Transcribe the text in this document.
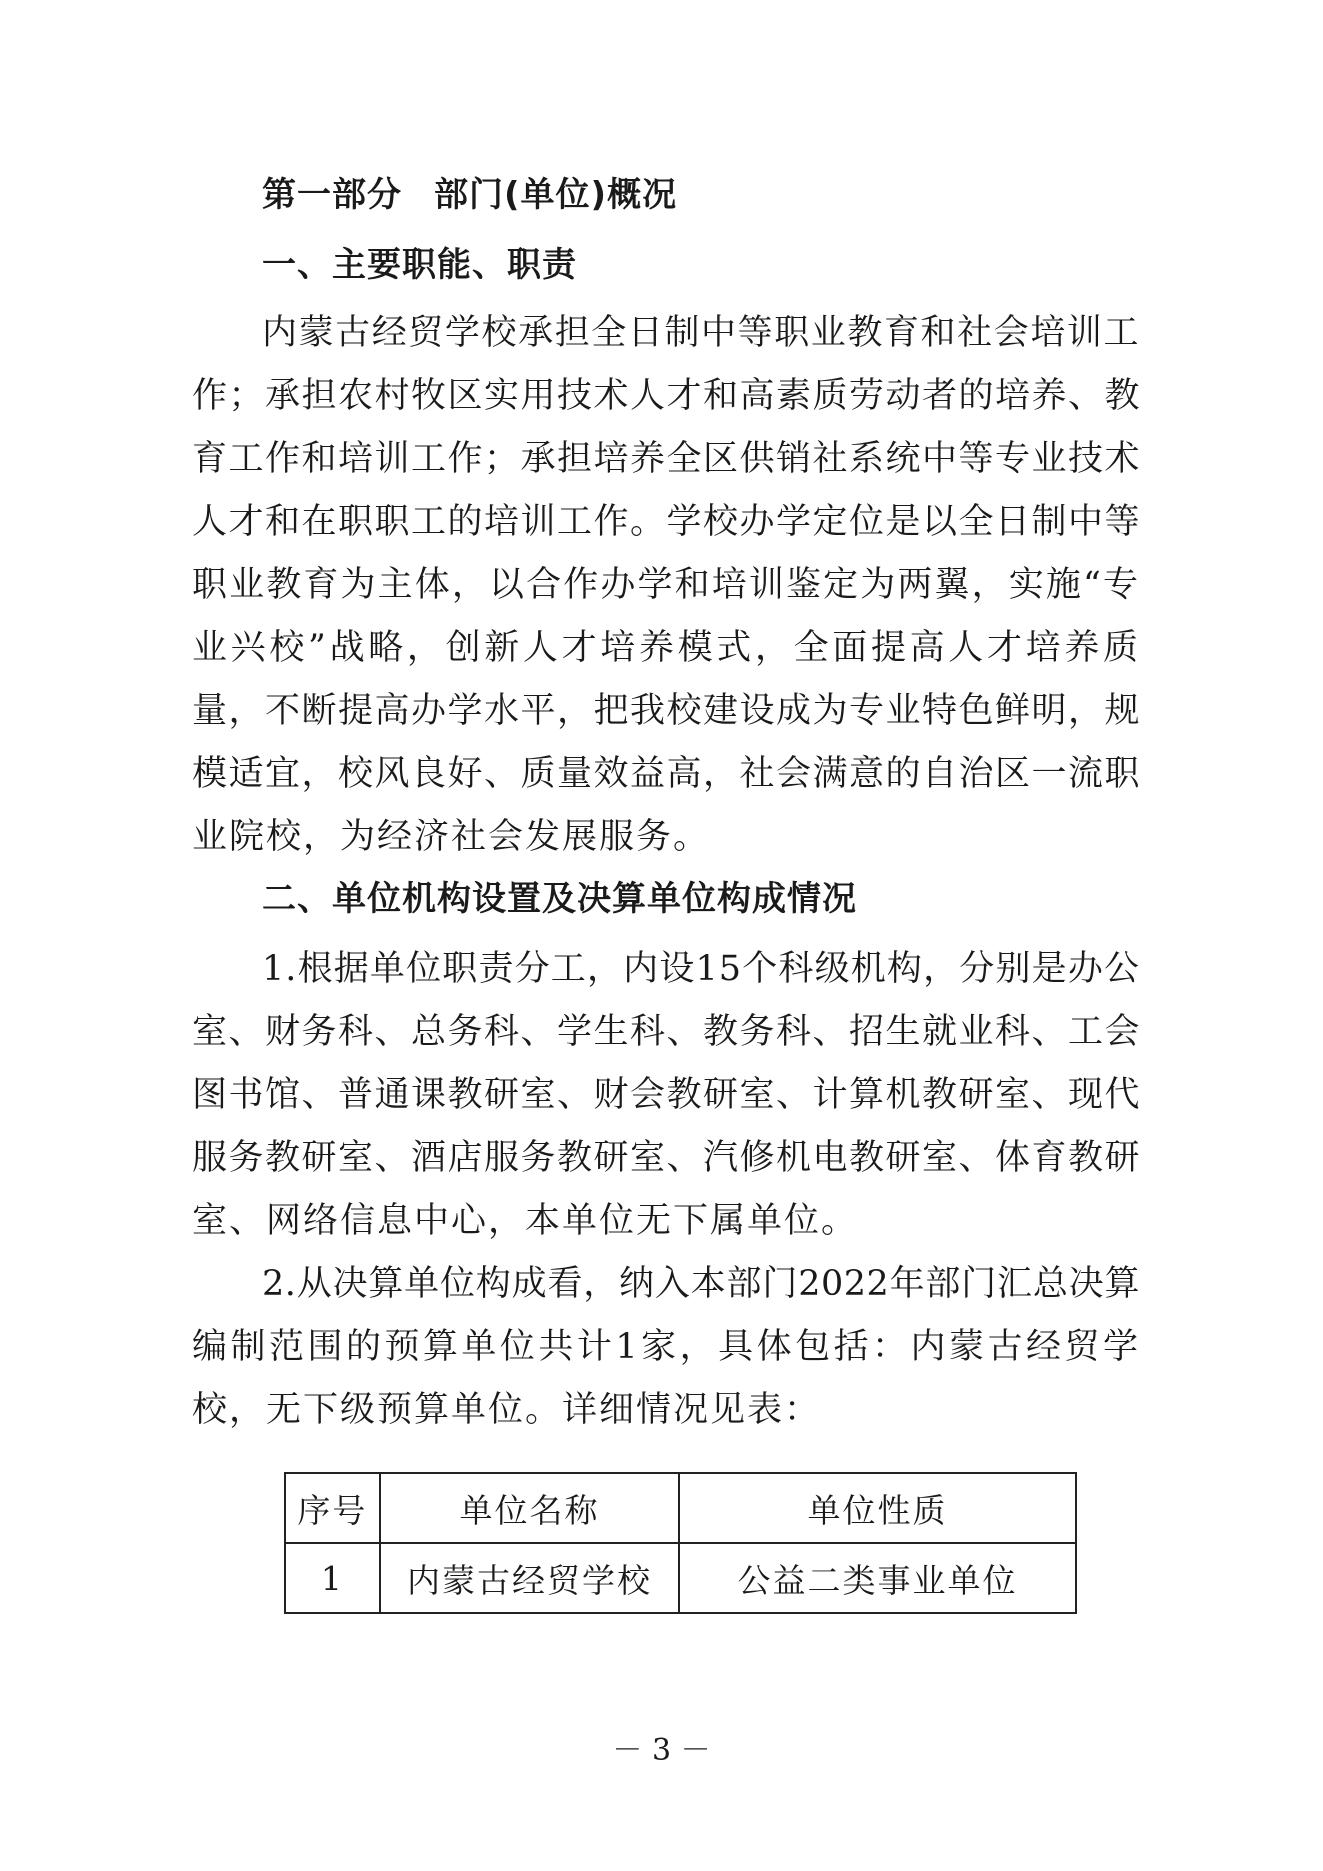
第一部分 部门(单位)概况

一、主要职能、职责

内蒙古经贸学校承担全日制中等职业教育和社会培训工

作；承担农村牧区实用技术人才和高素质劳动者的培养、教

育工作和培训工作；承担培养全区供销社系统中等专业技术

人才和在职职工的培训工作。学校办学定位是以全日制中等

职业教育为主体，以合作办学和培训鉴定为两翼，实施“专

业兴校”战略，创新人才培养模式，全面提高人才培养质

量，不断提高办学水平，把我校建设成为专业特色鲜明，规

模适宜，校风良好、质量效益高，社会满意的自治区一流职

业院校，为经济社会发展服务。

二、单位机构设置及决算单位构成情况

1.根据单位职责分工，内设15个科级机构，分别是办公

室、财务科、总务科、学生科、教务科、招生就业科、工会

图书馆、普通课教研室、财会教研室、计算机教研室、现代

服务教研室、酒店服务教研室、汽修机电教研室、体育教研

室、网络信息中心，本单位无下属单位。

2.从决算单位构成看，纳入本部门2022年部门汇总决算

编制范围的预算单位共计1家，具体包括：内蒙古经贸学

校，无下级预算单位。详细情况见表：

序号	单位名称	单位性质
1	内蒙古经贸学校	公益二类事业单位
－ 3 －
